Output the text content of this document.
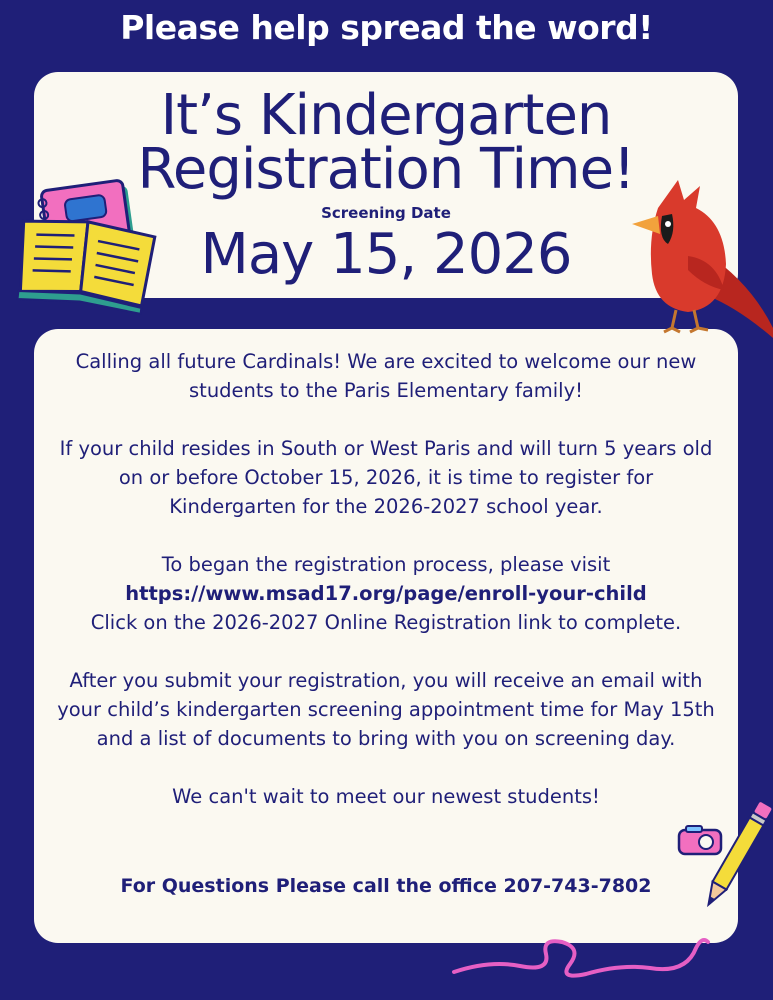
Please help spread the word!
It’s Kindergarten
Registration Time!
Screening Date
May 15, 2026

Calling all future Cardinals! We are excited to welcome our new students to the Paris Elementary family!

If your child resides in South or West Paris and will turn 5 years old on or before October 15, 2026, it is time to register for Kindergarten for the 2026-2027 school year.

To began the registration process, please visit
https://www.msad17.org/page/enroll-your-child
Click on the 2026-2027 Online Registration link to complete.

After you submit your registration, you will receive an email with your child’s kindergarten screening appointment time for May 15th and a list of documents to bring with you on screening day.

We can't wait to meet our newest students!

For Questions Please call the office 207-743-7802
